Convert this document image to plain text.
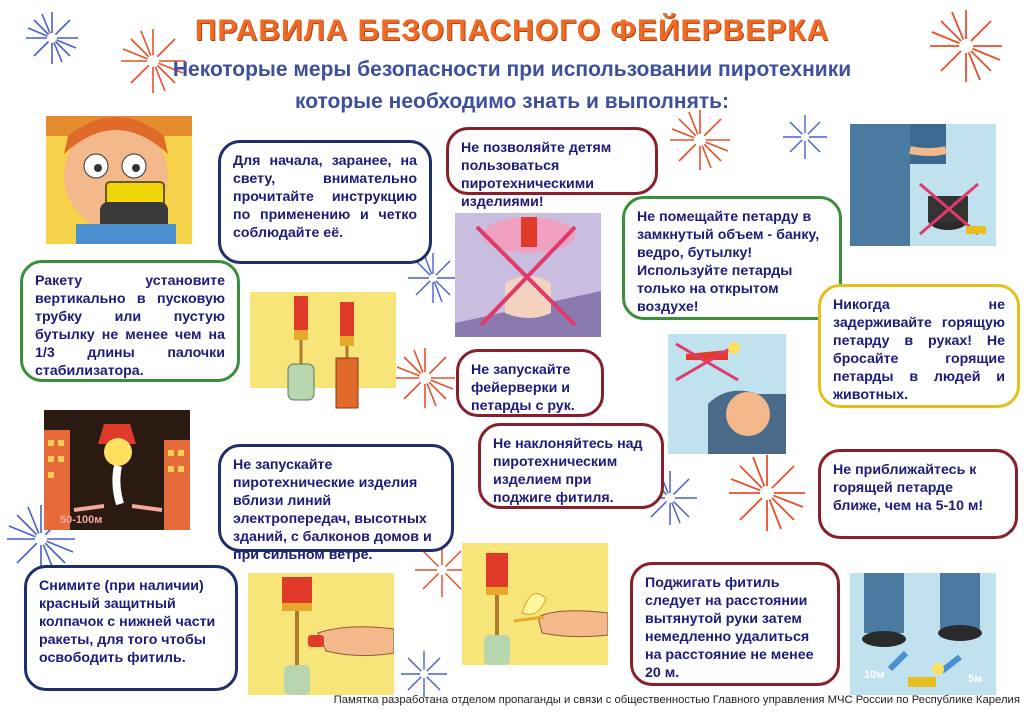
ПРАВИЛА БЕЗОПАСНОГО ФЕЙЕРВЕРКА
Некоторые меры безопасности при использовании пиротехники
которые необходимо знать и выполнять:
50-100м
10м	5м
Для начала, заранее, на свету, внимательно прочитайте инструкцию по применению и четко соблюдайте её.
Ракету установите вертикально в пусковую трубку или пустую бутылку не менее чем на 1/3 длины палочки стабилизатора.
Не запускайте пиротехнические изделия вблизи линий электропередач, высотных зданий, с балконов домов и при сильном ветре.
Снимите (при наличии) красный защитный колпачок с нижней части ракеты, для того чтобы освободить фитиль.
Не позволяйте детям пользоваться пиротехническими изделиями!
Не запускайте фейерверки и петарды с рук.
Не наклоняйтесь над пиротехническим изделием при поджиге фитиля.
Поджигать фитиль следует на расстоянии вытянутой руки затем немедленно удалиться на расстояние не менее 20 м.
Не помещайте петарду в замкнутый объем - банку, ведро, бутылку! Используйте петарды только на открытом воздухе!	Никогда не задерживайте горящую петарду в руках! Не бросайте горящие петарды в людей и животных.
Не приближайтесь к горящей петарде ближе, чем на 5-10 м!
Памятка разработана отделом пропаганды и связи с общественностью Главного управления МЧС России по Республике Карелия
